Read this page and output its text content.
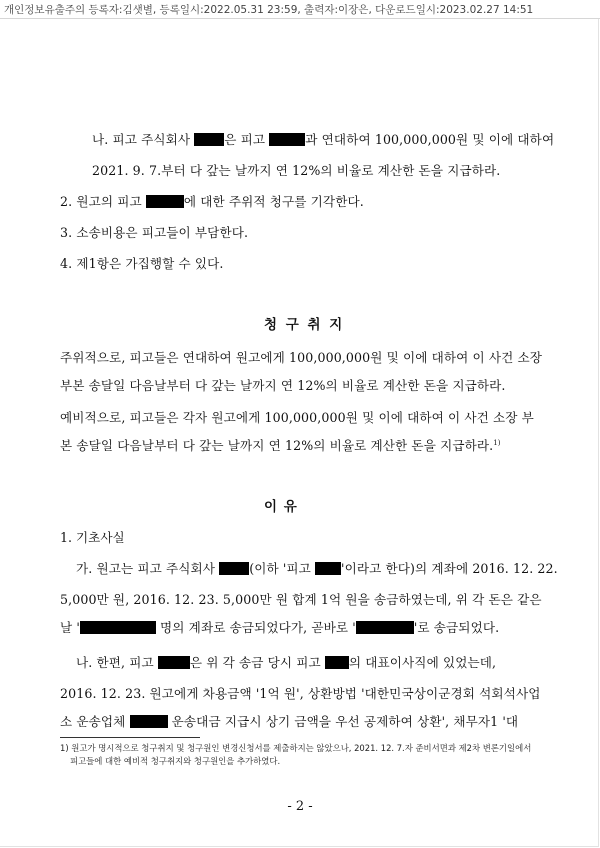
개인정보유출주의 등록자:김샛별, 등록일시:2022.05.31 23:59, 출력자:이장은, 다운로드일시:2023.02.27 14:51
나. 피고 주식회사	은 피고	과 연대하여 100,000,000원 및 이에 대하여
2021. 9. 7.부터 다 갚는 날까지 연 12%의 비율로 계산한 돈을 지급하라.
2. 원고의 피고	에 대한 주위적 청구를 기각한다.
3. 소송비용은 피고들이 부담한다.
4. 제1항은 가집행할 수 있다.
청 구 취 지
주위적으로, 피고들은 연대하여 원고에게 100,000,000원 및 이에 대하여 이 사건 소장
부본 송달일 다음날부터 다 갚는 날까지 연 12%의 비율로 계산한 돈을 지급하라.
예비적으로, 피고들은 각자 원고에게 100,000,000원 및 이에 대하여 이 사건 소장 부
본 송달일 다음날부터 다 갚는 날까지 연 12%의 비율로 계산한 돈을 지급하라.$^{1)}$
이 유
1. 기초사실
가. 원고는 피고 주식회사	(이하 '피고 '이라고 한다)의 계좌에 2016. 12. 22.
5,000만 원, 2016. 12. 23. 5,000만 원 합계 1억 원을 송금하였는데, 위 각 돈은 같은
날 '	명의 계좌로 송금되었다가, 곧바로 '	'로 송금되었다.
나. 한편, 피고	은 위 각 송금 당시 피고 의 대표이사직에 있었는데,
2016. 12. 23. 원고에게 차용금액 '1억 원', 상환방법 '대한민국상이군경회 석회석사업
소 운송업체	운송대금 지급시 상기 금액을 우선 공제하여 상환', 채무자1 '대
1) 원고가 명시적으로 청구취지 및 청구원인 변경신청서를 제출하지는 않았으나, 2021. 12. 7.자 준비서면과 제2차 변론기일에서
피고들에 대한 예비적 청구취지와 청구원인을 추가하였다.
- 2 -
